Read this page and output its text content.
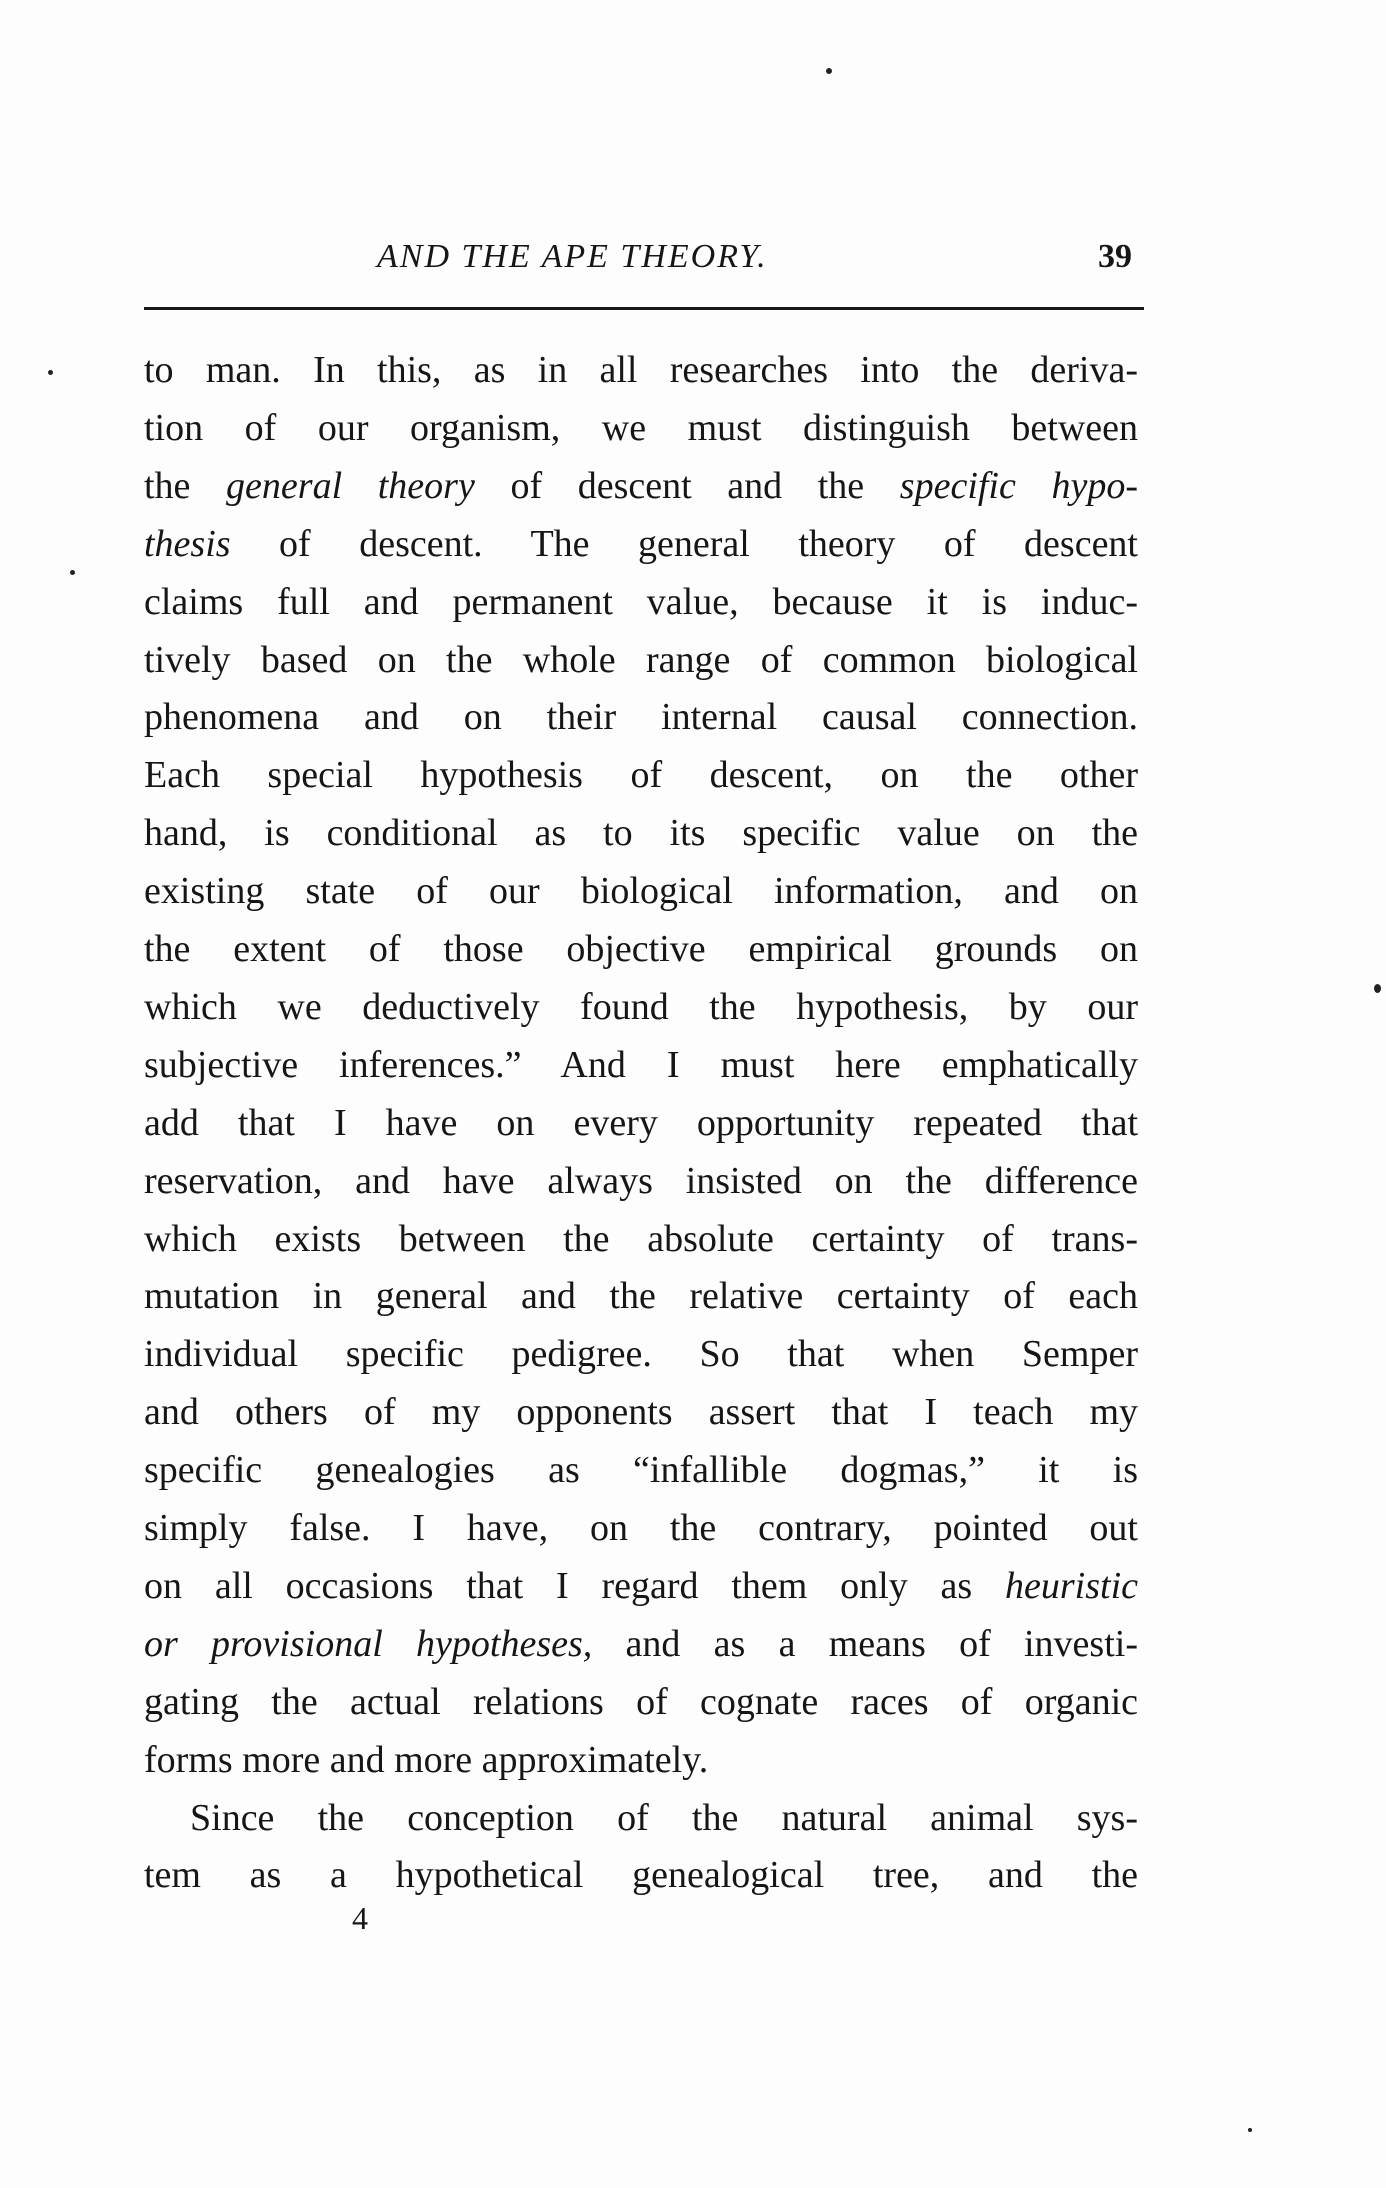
AND THE APE THEORY.	39
to man. In this, as in all researches into the deriva-
tion of our organism, we must distinguish between
the general theory of descent and the specific hypo-
thesis of descent. The general theory of descent
claims full and permanent value, because it is induc-
tively based on the whole range of common biological
phenomena and on their internal causal connection.
Each special hypothesis of descent, on the other
hand, is conditional as to its specific value on the
existing state of our biological information, and on
the extent of those objective empirical grounds on
which we deductively found the hypothesis, by our
subjective inferences.” And I must here emphatically
add that I have on every opportunity repeated that
reservation, and have always insisted on the difference
which exists between the absolute certainty of trans-
mutation in general and the relative certainty of each
individual specific pedigree. So that when Semper
and others of my opponents assert that I teach my
specific genealogies as “infallible dogmas,” it is
simply false. I have, on the contrary, pointed out
on all occasions that I regard them only as heuristic
or provisional hypotheses, and as a means of investi-
gating the actual relations of cognate races of organic
forms more and more approximately.
Since the conception of the natural animal sys-
tem as a hypothetical genealogical tree, and the
4
